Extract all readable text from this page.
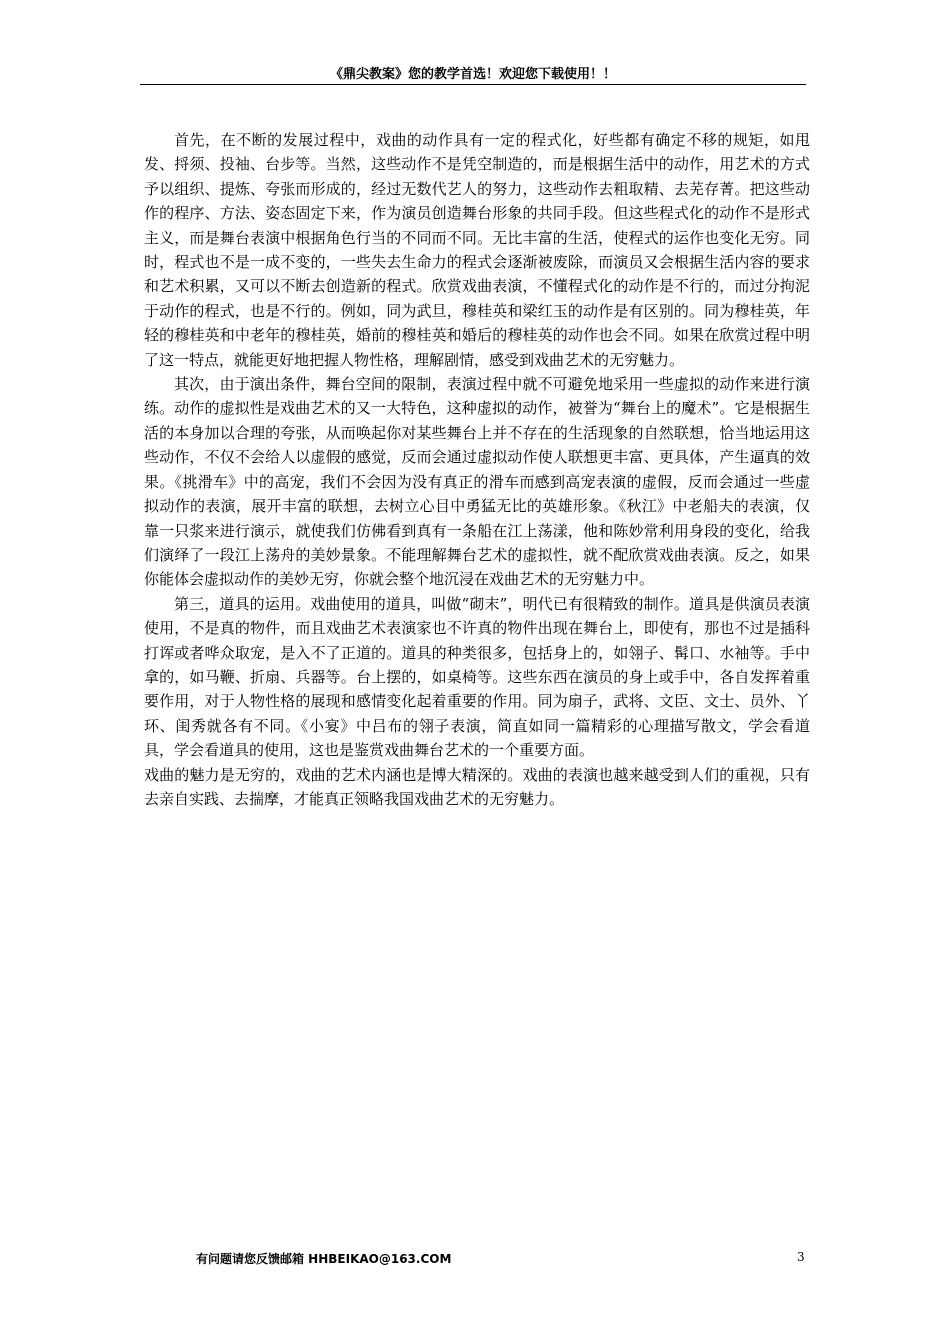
《鼎尖教案》您的教学首选！欢迎您下载使用！！

首先，在不断的发展过程中，戏曲的动作具有一定的程式化，好些都有确定不移的规矩，如甩发、捋须、投袖、台步等。当然，这些动作不是凭空制造的，而是根据生活中的动作，用艺术的方式予以组织、提炼、夸张而形成的，经过无数代艺人的努力，这些动作去粗取精、去芜存菁。把这些动作的程序、方法、姿态固定下来，作为演员创造舞台形象的共同手段。但这些程式化的动作不是形式主义，而是舞台表演中根据角色行当的不同而不同。无比丰富的生活，使程式的运作也变化无穷。同时，程式也不是一成不变的，一些失去生命力的程式会逐渐被废除，而演员又会根据生活内容的要求和艺术积累，又可以不断去创造新的程式。欣赏戏曲表演，不懂程式化的动作是不行的，而过分拘泥于动作的程式，也是不行的。例如，同为武旦，穆桂英和梁红玉的动作是有区别的。同为穆桂英，年轻的穆桂英和中老年的穆桂英，婚前的穆桂英和婚后的穆桂英的动作也会不同。如果在欣赏过程中明了这一特点，就能更好地把握人物性格，理解剧情，感受到戏曲艺术的无穷魅力。

其次，由于演出条件，舞台空间的限制，表演过程中就不可避免地采用一些虚拟的动作来进行演练。动作的虚拟性是戏曲艺术的又一大特色，这种虚拟的动作，被誉为“舞台上的魔术”。它是根据生活的本身加以合理的夸张，从而唤起你对某些舞台上并不存在的生活现象的自然联想，恰当地运用这些动作，不仅不会给人以虚假的感觉，反而会通过虚拟动作使人联想更丰富、更具体，产生逼真的效果。《挑滑车》中的高宠，我们不会因为没有真正的滑车而感到高宠表演的虚假，反而会通过一些虚拟动作的表演，展开丰富的联想，去树立心目中勇猛无比的英雄形象。《秋江》中老船夫的表演，仅靠一只浆来进行演示，就使我们仿佛看到真有一条船在江上荡漾，他和陈妙常利用身段的变化，给我们演绎了一段江上荡舟的美妙景象。不能理解舞台艺术的虚拟性，就不配欣赏戏曲表演。反之，如果你能体会虚拟动作的美妙无穷，你就会整个地沉浸在戏曲艺术的无穷魅力中。

第三，道具的运用。戏曲使用的道具，叫做“砌末”，明代已有很精致的制作。道具是供演员表演使用，不是真的物件，而且戏曲艺术表演家也不许真的物件出现在舞台上，即使有，那也不过是插科打诨或者哗众取宠，是入不了正道的。道具的种类很多，包括身上的，如翎子、髯口、水袖等。手中拿的，如马鞭、折扇、兵器等。台上摆的，如桌椅等。这些东西在演员的身上或手中，各自发挥着重要作用，对于人物性格的展现和感情变化起着重要的作用。同为扇子，武将、文臣、文士、员外、丫环、闺秀就各有不同。《小宴》中吕布的翎子表演，简直如同一篇精彩的心理描写散文，学会看道具，学会看道具的使用，这也是鉴赏戏曲舞台艺术的一个重要方面。

戏曲的魅力是无穷的，戏曲的艺术内涵也是博大精深的。戏曲的表演也越来越受到人们的重视，只有去亲自实践、去揣摩，才能真正领略我国戏曲艺术的无穷魅力。

有问题请您反馈邮箱 HHBEIKAO@163.COM	3
